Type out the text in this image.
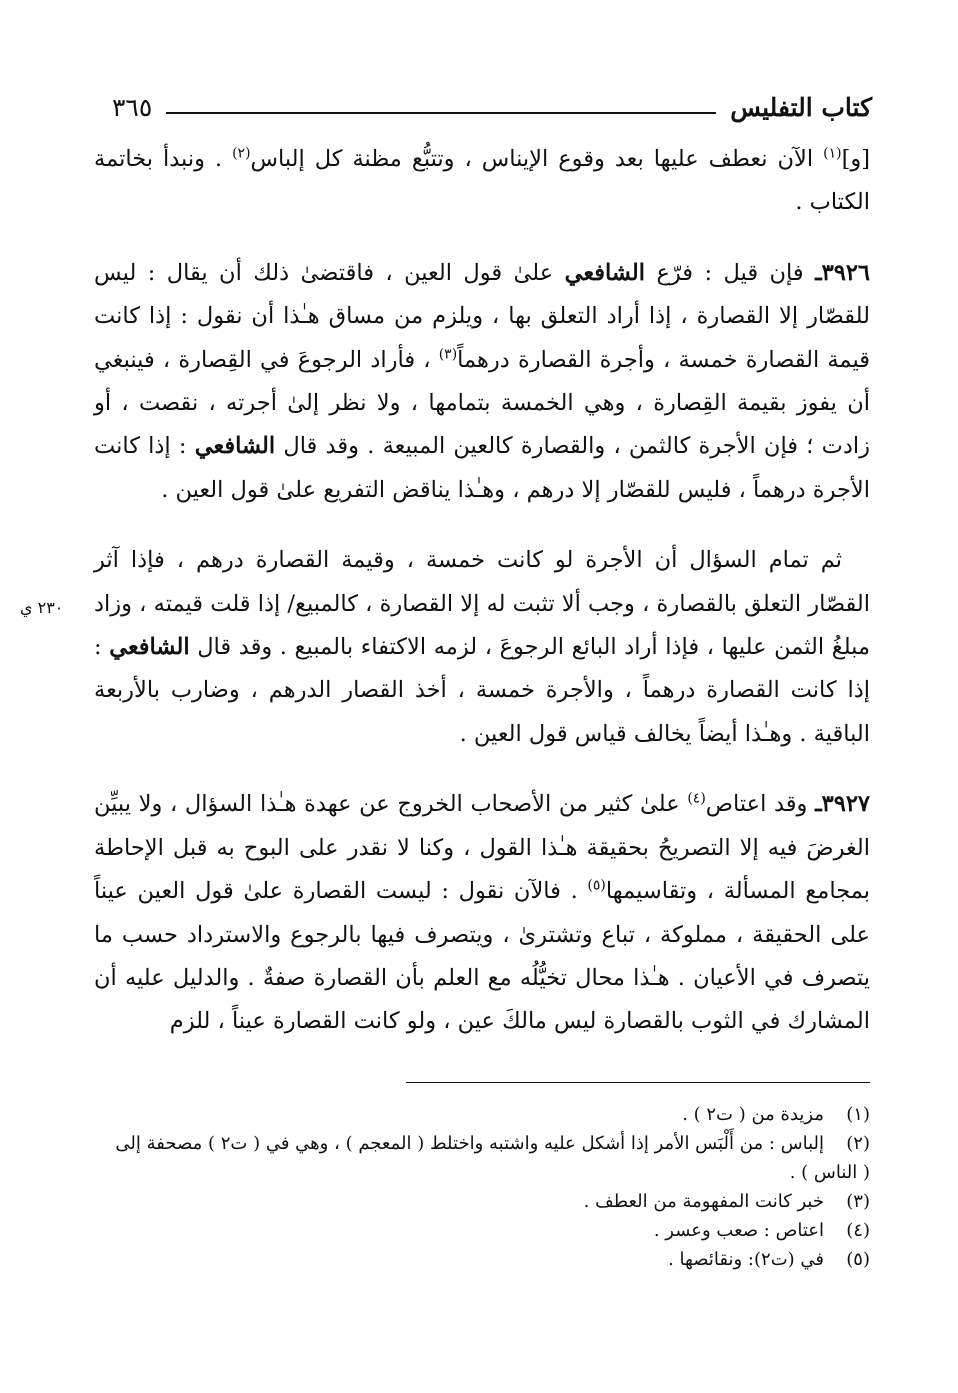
كتاب التفليس
٣٦٥
٢٣٠ ي

[و]$^{(١)}$ الآن نعطف عليها بعد وقوع الإيناس ، وتتبُّع مظنة كل إلباس$^{(٢)}$ . ونبدأ بخاتمة الكتاب .

٣٩٢٦ـ فإن قيل : فرّع الشافعي علىٰ قول العين ، فاقتضىٰ ذلك أن يقال : ليس للقصّار إلا القصارة ، إذا أراد التعلق بها ، ويلزم من مساق هـٰذا أن نقول : إذا كانت قيمة القصارة خمسة ، وأجرة القصارة درهماً$^{(٣)}$ ، فأراد الرجوعَ في القِصارة ، فينبغي أن يفوز بقيمة القِصارة ، وهي الخمسة بتمامها ، ولا نظر إلىٰ أجرته ، نقصت ، أو زادت ؛ فإن الأجرة كالثمن ، والقصارة كالعين المبيعة . وقد قال الشافعي : إذا كانت الأجرة درهماً ، فليس للقصّار إلا درهم ، وهـٰذا يناقض التفريع علىٰ قول العين .

ثم تمام السؤال أن الأجرة لو كانت خمسة ، وقيمة القصارة درهم ، فإذا آثر القصّار التعلق بالقصارة ، وجب ألا تثبت له إلا القصارة ، كالمبيع/ إذا قلت قيمته ، وزاد مبلغُ الثمن عليها ، فإذا أراد البائع الرجوعَ ، لزمه الاكتفاء بالمبيع . وقد قال الشافعي : إذا كانت القصارة درهماً ، والأجرة خمسة ، أخذ القصار الدرهم ، وضارب بالأربعة الباقية . وهـٰذا أيضاً يخالف قياس قول العين .

٣٩٢٧ـ وقد اعتاص$^{(٤)}$ علىٰ كثير من الأصحاب الخروج عن عهدة هـٰذا السؤال ، ولا يبيِّن الغرضَ فيه إلا التصريحُ بحقيقة هـٰذا القول ، وكنا لا نقدر على البوح به قبل الإحاطة بمجامع المسألة ، وتقاسيمها$^{(٥)}$ . فالآن نقول : ليست القصارة علىٰ قول العين عيناً على الحقيقة ، مملوكة ، تباع وتشترىٰ ، ويتصرف فيها بالرجوع والاسترداد حسب ما يتصرف في الأعيان . هـٰذا محال تخيُّلُه مع العلم بأن القصارة صفةٌ . والدليل عليه أن المشارك في الثوب بالقصارة ليس مالكَ عين ، ولو كانت القصارة عيناً ، للزم

(١)
مزيدة من ( ت٢ ) .
(٢)
إلباس : من أَلْبَس الأمر إذا أشكل عليه واشتبه واختلط ( المعجم ) ، وهي في ( ت٢ ) مصحفة إلى
( الناس ) .
(٣)
خبر كانت المفهومة من العطف .
(٤)
اعتاص : صعب وعسر .
(٥)
في (ت٢): ونقائصها .
